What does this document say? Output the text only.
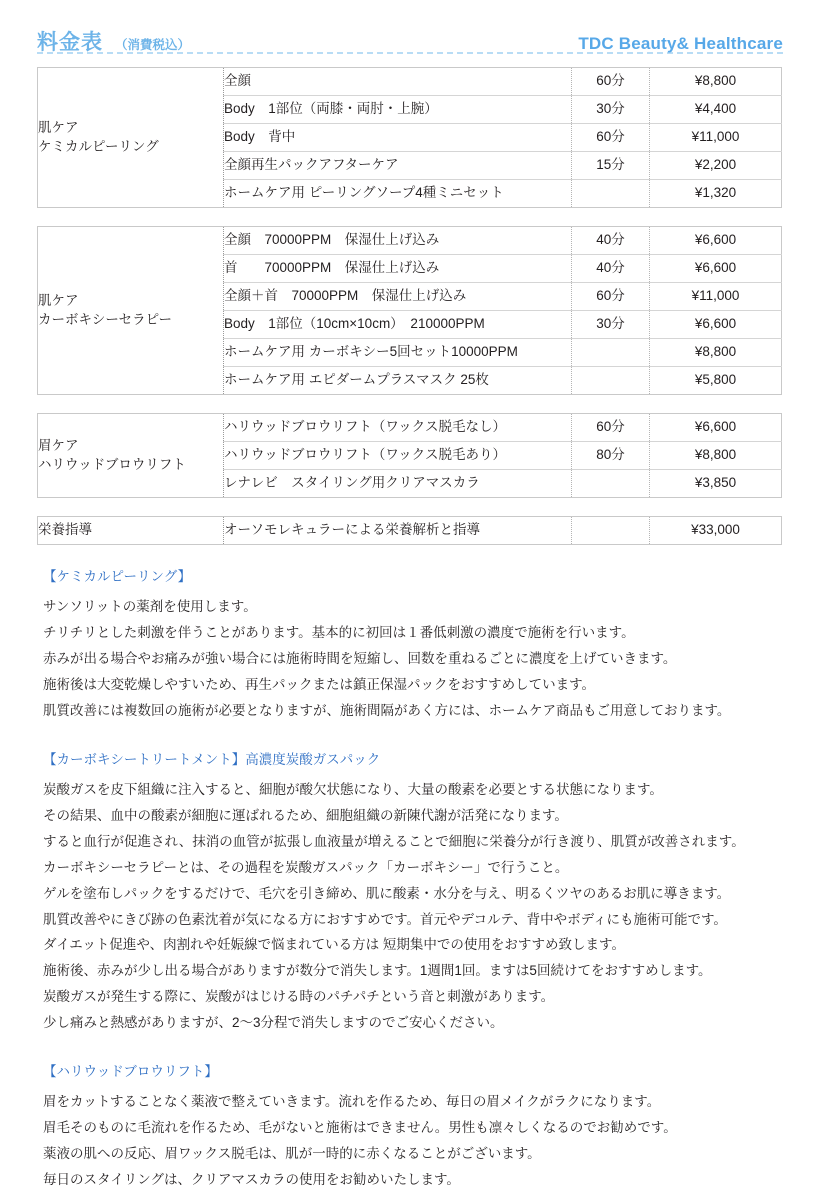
料金表 （消費税込）	TDC Beauty& Healthcare
肌ケア
ケミカルピーリング	全顔	60分	¥8,800
	Body　1部位（両膝・両肘・上腕）	30分	¥4,400
	Body　背中	60分	¥11,000
	全顔再生パックアフターケア	15分	¥2,200
	ホームケア用 ピーリングソープ4種ミニセット		¥1,320
肌ケア
カーボキシーセラピー	全顔　70000PPM　保湿仕上げ込み	40分	¥6,600
	首　　70000PPM　保湿仕上げ込み	40分	¥6,600
	全顔＋首　70000PPM　保湿仕上げ込み	60分	¥11,000
	Body　1部位（10cm×10cm）　210000PPM	30分	¥6,600
	ホームケア用 カーボキシー5回セット10000PPM		¥8,800
	ホームケア用 エピダームプラスマスク 25枚		¥5,800
眉ケア
ハリウッドブロウリフト	ハリウッドブロウリフト（ワックス脱毛なし）	60分	¥6,600
	ハリウッドブロウリフト（ワックス脱毛あり）	80分	¥8,800
	レナレビ　スタイリング用クリアマスカラ		¥3,850
栄養指導	オーソモレキュラーによる栄養解析と指導		¥33,000
【ケミカルピーリング】
サンソリットの薬剤を使用します。
チリチリとした刺激を伴うことがあります。基本的に初回は１番低刺激の濃度で施術を行います。
赤みが出る場合やお痛みが強い場合には施術時間を短縮し、回数を重ねるごとに濃度を上げていきます。
施術後は大変乾燥しやすいため、再生パックまたは鎮正保湿パックをおすすめしています。
肌質改善には複数回の施術が必要となりますが、施術間隔があく方には、ホームケア商品もご用意しております。
【カーボキシートリートメント】高濃度炭酸ガスパック
炭酸ガスを皮下組織に注入すると、細胞が酸欠状態になり、大量の酸素を必要とする状態になります。
その結果、血中の酸素が細胞に運ばれるため、細胞組織の新陳代謝が活発になります。
すると血行が促進され、抹消の血管が拡張し血液量が増えることで細胞に栄養分が行き渡り、肌質が改善されます。
カーボキシーセラピーとは、その過程を炭酸ガスパック「カーボキシー」で行うこと。
ゲルを塗布しパックをするだけで、毛穴を引き締め、肌に酸素・水分を与え、明るくツヤのあるお肌に導きます。
肌質改善やにきび跡の色素沈着が気になる方におすすめです。首元やデコルテ、背中やボディにも施術可能です。
ダイエット促進や、肉割れや妊娠線で悩まれている方は 短期集中での使用をおすすめ致します。
施術後、赤みが少し出る場合がありますが数分で消失します。1週間1回。ますは5回続けてをおすすめします。
炭酸ガスが発生する際に、炭酸がはじける時のパチパチという音と刺激があります。
少し痛みと熱感がありますが、2〜3分程で消失しますのでご安心ください。
【ハリウッドブロウリフト】
眉をカットすることなく薬液で整えていきます。流れを作るため、毎日の眉メイクがラクになります。
眉毛そのものに毛流れを作るため、毛がないと施術はできません。男性も凛々しくなるのでお勧めです。
薬液の肌への反応、眉ワックス脱毛は、肌が一時的に赤くなることがございます。
毎日のスタイリングは、クリアマスカラの使用をお勧めいたします。
